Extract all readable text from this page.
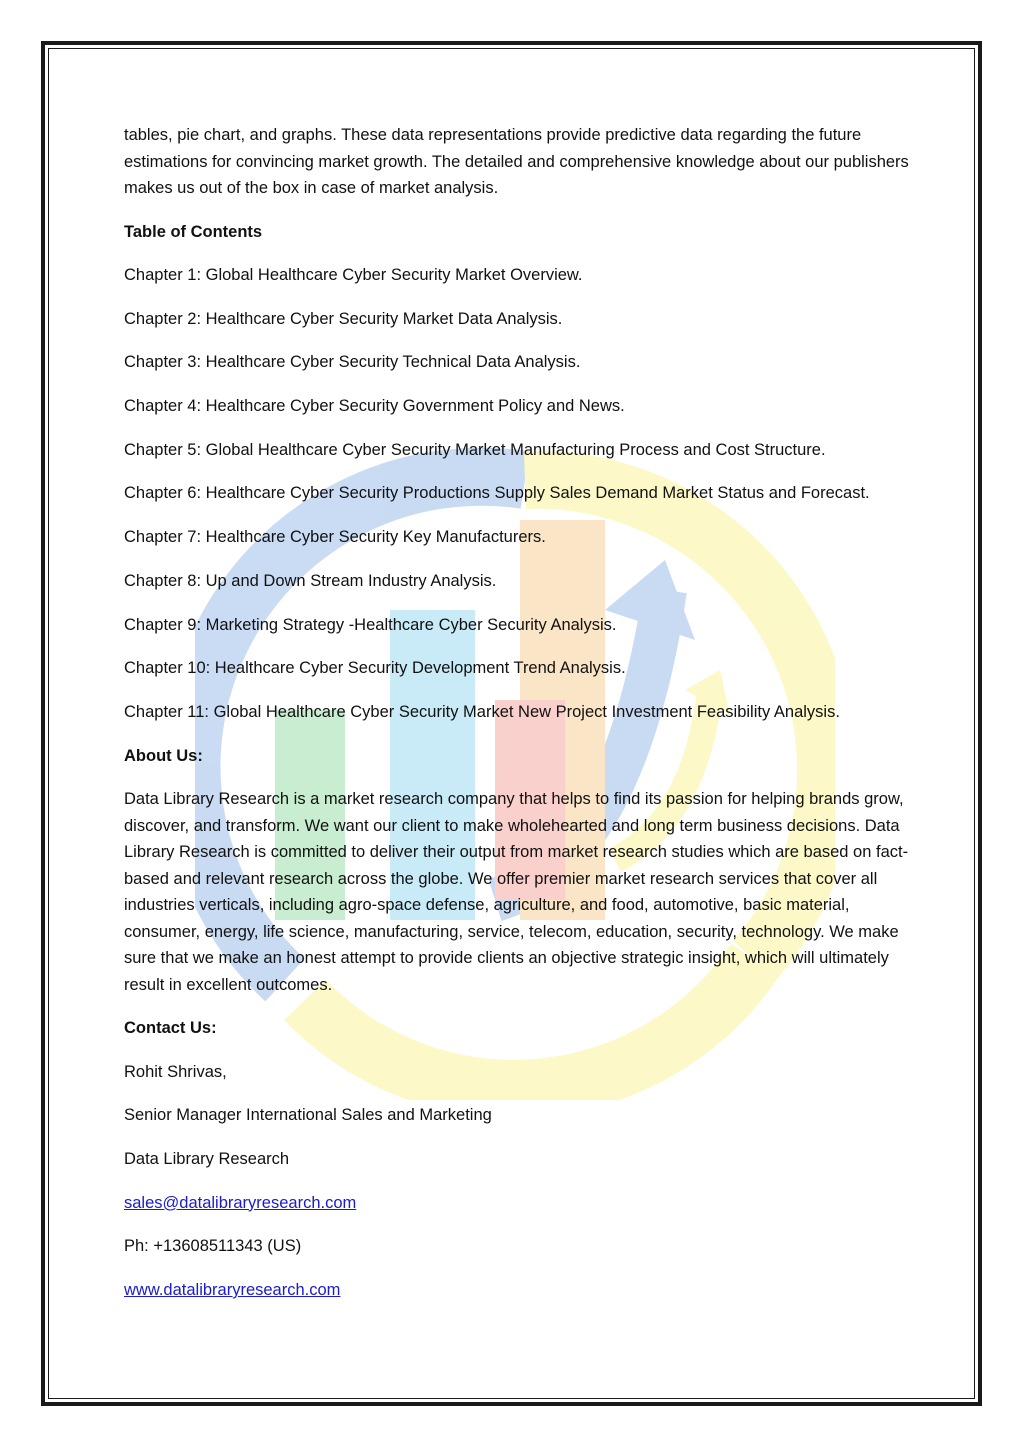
tables, pie chart, and graphs. These data representations provide predictive data regarding the future estimations for convincing market growth. The detailed and comprehensive knowledge about our publishers makes us out of the box in case of market analysis.

Table of Contents

Chapter 1: Global Healthcare Cyber Security Market Overview.

Chapter 2: Healthcare Cyber Security Market Data Analysis.

Chapter 3: Healthcare Cyber Security Technical Data Analysis.

Chapter 4: Healthcare Cyber Security Government Policy and News.

Chapter 5: Global Healthcare Cyber Security Market Manufacturing Process and Cost Structure.

Chapter 6: Healthcare Cyber Security Productions Supply Sales Demand Market Status and Forecast.

Chapter 7: Healthcare Cyber Security Key Manufacturers.

Chapter 8: Up and Down Stream Industry Analysis.

Chapter 9: Marketing Strategy -Healthcare Cyber Security Analysis.

Chapter 10: Healthcare Cyber Security Development Trend Analysis.

Chapter 11: Global Healthcare Cyber Security Market New Project Investment Feasibility Analysis.

About Us:

Data Library Research is a market research company that helps to find its passion for helping brands grow, discover, and transform. We want our client to make wholehearted and long term business decisions. Data Library Research is committed to deliver their output from market research studies which are based on fact-based and relevant research across the globe. We offer premier market research services that cover all industries verticals, including agro-space defense, agriculture, and food, automotive, basic material, consumer, energy, life science, manufacturing, service, telecom, education, security, technology. We make sure that we make an honest attempt to provide clients an objective strategic insight, which will ultimately result in excellent outcomes.

Contact Us:

Rohit Shrivas,

Senior Manager International Sales and Marketing

Data Library Research

sales@datalibraryresearch.com

Ph: +13608511343 (US)

www.datalibraryresearch.com
